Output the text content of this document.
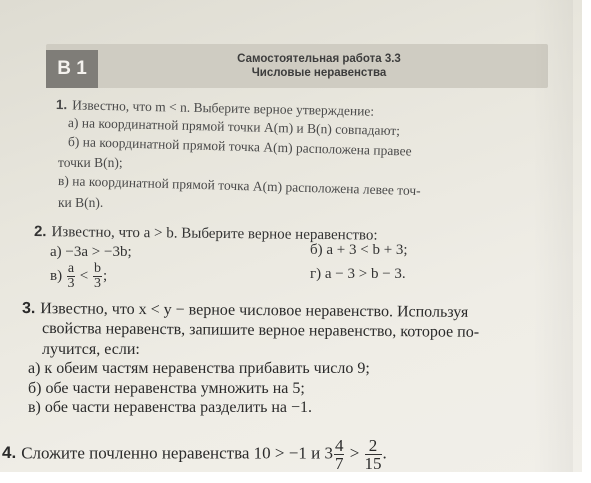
В 1	Самостоятельная работа 3.3
Числовые неравенства
1. Известно, что m < n. Выберите верное утверждение:
а) на координатной прямой точки A(m) и B(n) совпадают;
б) на координатной прямой точка A(m) расположена правее
точки B(n);
в) на координатной прямой точка A(m) расположена левее точ-
ки B(n).
2. Известно, что a > b. Выберите верное неравенство:
а) −3a > −3b;	б) a + 3 < b + 3;
$в) \frac{a}{3} < \frac{b}{3}$ ;	г) a − 3 > b − 3.
3. Известно, что x < y − верное числовое неравенство. Используя
свойства неравенств, запишите верное неравенство, которое по-
лучится, если:
а) к обеим частям неравенства прибавить число 9;
б) обе части неравенства умножить на 5;
в) обе части неравенства разделить на −1.
4. Сложите почленно неравенства 10 > −1 и $3 \frac{4}{7} > \frac{2}{15}$ .
